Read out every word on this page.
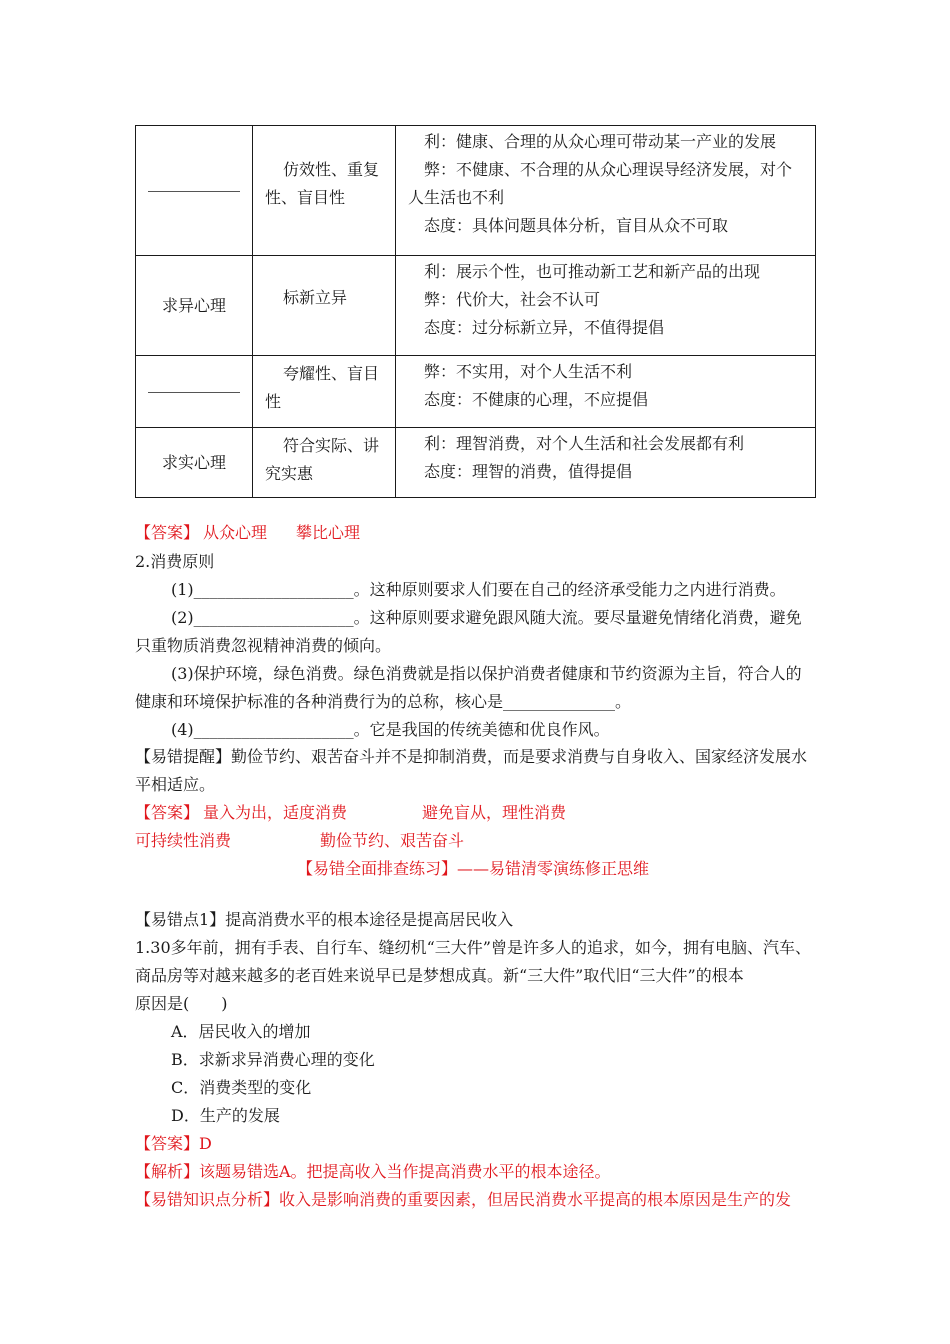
	仿效性、重复性、盲目性	利：健康、合理的从众心理可带动某一产业的发展
弊：不健康、不合理的从众心理误导经济发展，对个人生活也不利
态度：具体问题具体分析，盲目从众不可取

求异心理	标新立异	利：展示个性，也可推动新工艺和新产品的出现
弊：代价大，社会不认可
态度：过分标新立异，不值得提倡

	夸耀性、盲目性	弊：不实用，对个人生活不利
态度：不健康的心理，不应提倡

求实心理	符合实际、讲究实惠	利：理智消费，对个人生活和社会发展都有利
态度：理智的消费，值得提倡
【答案】 从众心理 攀比心理
2.消费原则
(1)____________________。这种原则要求人们要在自己的经济承受能力之内进行消费。
(2)____________________。这种原则要求避免跟风随大流。要尽量避免情绪化消费，避免
只重物质消费忽视精神消费的倾向。
(3)保护环境，绿色消费。绿色消费就是指以保护消费者健康和节约资源为主旨，符合人的
健康和环境保护标准的各种消费行为的总称，核心是______________。
(4)____________________。它是我国的传统美德和优良作风。
【易错提醒】勤俭节约、艰苦奋斗并不是抑制消费，而是要求消费与自身收入、国家经济发展水
平相适应。
【答案】 量入为出，适度消费	避免盲从，理性消费
可持续性消费	勤俭节约、艰苦奋斗
【易错全面排查练习】——易错清零演练修正思维
【易错点1】提高消费水平的根本途径是提高居民收入
1.30多年前，拥有手表、自行车、缝纫机“三大件”曾是许多人的追求，如今，拥有电脑、汽车、
商品房等对越来越多的老百姓来说早已是梦想成真。新“三大件”取代旧“三大件”的根本
原因是(　　)
A．居民收入的增加
B．求新求异消费心理的变化
C．消费类型的变化
D．生产的发展
【答案】D
【解析】该题易错选A。把提高收入当作提高消费水平的根本途径。
【易错知识点分析】收入是影响消费的重要因素，但居民消费水平提高的根本原因是生产的发
